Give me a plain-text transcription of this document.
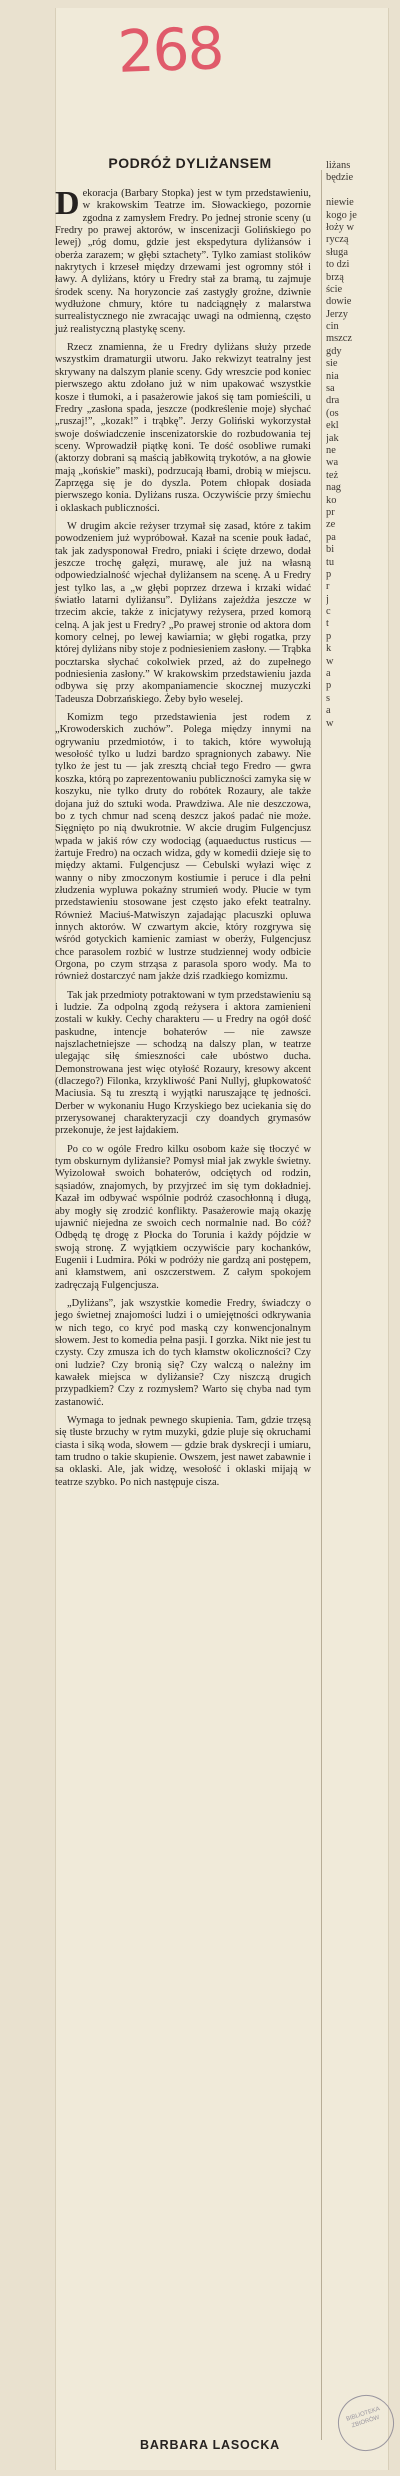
268
PODRÓŻ DYLIŻANSEM

Dekoracja (Barbary Stopka) jest w tym przedstawieniu, w krakowskim Teatrze im. Słowackiego, pozornie zgodna z zamysłem Fredry. Po jednej stronie sceny (u Fredry po prawej aktorów, w inscenizacji Golińskiego po lewej) „róg domu, gdzie jest ekspedytura dyliżansów i oberża zarazem; w głębi sztachety”. Tylko zamiast stolików nakrytych i krzeseł między drzewami jest ogromny stół i ławy. A dyliżans, który u Fredry stał za bramą, tu zajmuje środek sceny. Na horyzoncie zaś zastygły groźne, dziwnie wydłużone chmury, które tu nadciągnęły z malarstwa surrealistycznego nie zwracając uwagi na odmienną, często już realistyczną plastykę sceny.

Rzecz znamienna, że u Fredry dyliżans służy przede wszystkim dramaturgii utworu. Jako rekwizyt teatralny jest skrywany na dalszym planie sceny. Gdy wreszcie pod koniec pierwszego aktu zdołano już w nim upakować wszystkie kosze i tłumoki, a i pasażerowie jakoś się tam pomieścili, u Fredry „zasłona spada, jeszcze (podkreślenie moje) słychać „ruszaj!”, „kozak!” i trąbkę”. Jerzy Goliński wykorzystał swoje doświadczenie inscenizatorskie do rozbudowania tej sceny. Wprowadził piątkę koni. Te dość osobliwe rumaki (aktorzy dobrani są maścią jabłkowitą trykotów, a na głowie mają „końskie” maski), podrzucają łbami, drobią w miejscu. Zaprzęga się je do dyszla. Potem chłopak dosiada pierwszego konia. Dyliżans rusza. Oczywiście przy śmiechu i oklaskach publiczności.

W drugim akcie reżyser trzymał się zasad, które z takim powodzeniem już wypróbował. Kazał na scenie pouk ładać, tak jak zadysponował Fredro, pniaki i ścięte drzewo, dodał jeszcze trochę gałęzi, murawę, ale już na własną odpowiedzialność wjechał dyliżansem na scenę. A u Fredry jest tylko las, a „w głębi poprzez drzewa i krzaki widać światło latarni dyliżansu”. Dyliżans zajeżdża jeszcze w trzecim akcie, także z inicjatywy reżysera, przed komorą celną. A jak jest u Fredry? „Po prawej stronie od aktora dom komory celnej, po lewej kawiarnia; w głębi rogatka, przy której dyliżans niby stoje z podniesieniem zasłony. — Trąbka pocztarska słychać cokolwiek przed, aż do zupełnego podniesienia zasłony.” W krakowskim przedstawieniu jazda odbywa się przy akompaniamencie skocznej muzyczki Tadeusza Dobrzańskiego. Żeby było weselej.

Komizm tego przedstawienia jest rodem z „Krowoderskich zuchów”. Polega między innymi na ogrywaniu przedmiotów, i to takich, które wywołują wesołość tylko u ludzi bardzo spragnionych zabawy. Nie tylko że jest tu — jak zresztą chciał tego Fredro — gwra koszka, którą po zaprezentowaniu publiczności zamyka się w koszyku, nie tylko druty do robótek Rozaury, ale także dojana już do sztuki woda. Prawdziwa. Ale nie deszczowa, bo z tych chmur nad sceną deszcz jakoś padać nie może. Sięgnięto po nią dwukrotnie. W akcie drugim Fulgencjusz wpada w jakiś rów czy wodociąg (aquaeductus rusticus — żartuje Fredro) na oczach widza, gdy w komedii dzieje się to między aktami. Fulgencjusz — Cebulski wyłazi więc z wanny o niby zmoczonym kostiumie i peruce i dla pełni złudzenia wypluwa pokaźny strumień wody. Płucie w tym przedstawieniu stosowane jest często jako efekt teatralny. Również Maciuś-Matwiszyn zajadając placuszki opluwa innych aktorów. W czwartym akcie, który rozgrywa się wśród gotyckich kamienic zamiast w oberży, Fulgencjusz chce parasolem rozbić w lustrze studziennej wody odbicie Orgona, po czym strząsa z parasola sporo wody. Ma to również dostarczyć nam jakże dziś rzadkiego komizmu.

Tak jak przedmioty potraktowani w tym przedstawieniu są i ludzie. Za odpolną zgodą reżysera i aktora zamienieni zostali w kukły. Cechy charakteru — u Fredry na ogół dość paskudne, intencje bohaterów — nie zawsze najszlachetniejsze — schodzą na dalszy plan, w teatrze ulegając siłę śmieszności całe ubóstwo ducha. Demonstrowana jest więc otyłość Rozaury, kresowy akcent (dlaczego?) Filonka, krzykliwość Pani Nullyj, głupkowatość Maciusia. Są tu zresztą i wyjątki naruszające tę jedności. Derber w wykonaniu Hugo Krzyskiego bez uciekania się do przerysowanej charakteryzacji czy doandych grymasów przekonuje, że jest łajdakiem.

Po co w ogóle Fredro kilku osobom każe się tłoczyć w tym obskurnym dyliżansie? Pomysł miał jak zwykle świetny. Wyizolował swoich bohaterów, odciętych od rodzin, sąsiadów, znajomych, by przyjrzeć im się tym dokładniej. Kazał im odbywać wspólnie podróż czasochłonną i długą, aby mogły się zrodzić konflikty. Pasażerowie mają okazję ujawnić niejedna ze swoich cech normalnie nad. Bo cóż? Odbędą tę drogę z Płocka do Torunia i każdy pójdzie w swoją stronę. Z wyjątkiem oczywiście pary kochanków, Eugenii i Ludmira. Póki w podróży nie gardzą ani postępem, ani kłamstwem, ani oszczerstwem. Z całym spokojem zadręczają Fulgencjusza.

„Dyliżans”, jak wszystkie komedie Fredry, świadczy o jego świetnej znajomości ludzi i o umiejętności odkrywania w nich tego, co kryć pod maską czy konwencjonalnym słowem. Jest to komedia pełna pasji. I gorzka. Nikt nie jest tu czysty. Czy zmusza ich do tych kłamstw okoliczności? Czy oni ludzie? Czy bronią się? Czy walczą o należny im kawałek miejsca w dyliżansie? Czy niszczą drugich przypadkiem? Czy z rozmysłem? Warto się chyba nad tym zastanowić.

Wymaga to jednak pewnego skupienia. Tam, gdzie trzęsą się tłuste brzuchy w rytm muzyki, gdzie pluje się okruchami ciasta i siką woda, słowem — gdzie brak dyskrecji i umiaru, tam trudno o takie skupienie. Owszem, jest nawet zabawnie i sa oklaski. Ale, jak widzę, wesołość i oklaski mijają w teatrze szybko. Po nich następuje cisza.

liżans
będzie
niewie
kogo je
łoży w
ryczą
sługa
to dzi
brzą
ście
dowie
Jerzy
cin
mszcz
gdy
sie
nia
sa
dra
(os
ekl
jak
ne
wa
też
nag
ko
pr
ze
pa
bi
tu
p
r
j
c
t
p
k
w
a
p
s
a
w
BARBARA LASOCKA
BIBLIOTEKA ZBIORÓW
